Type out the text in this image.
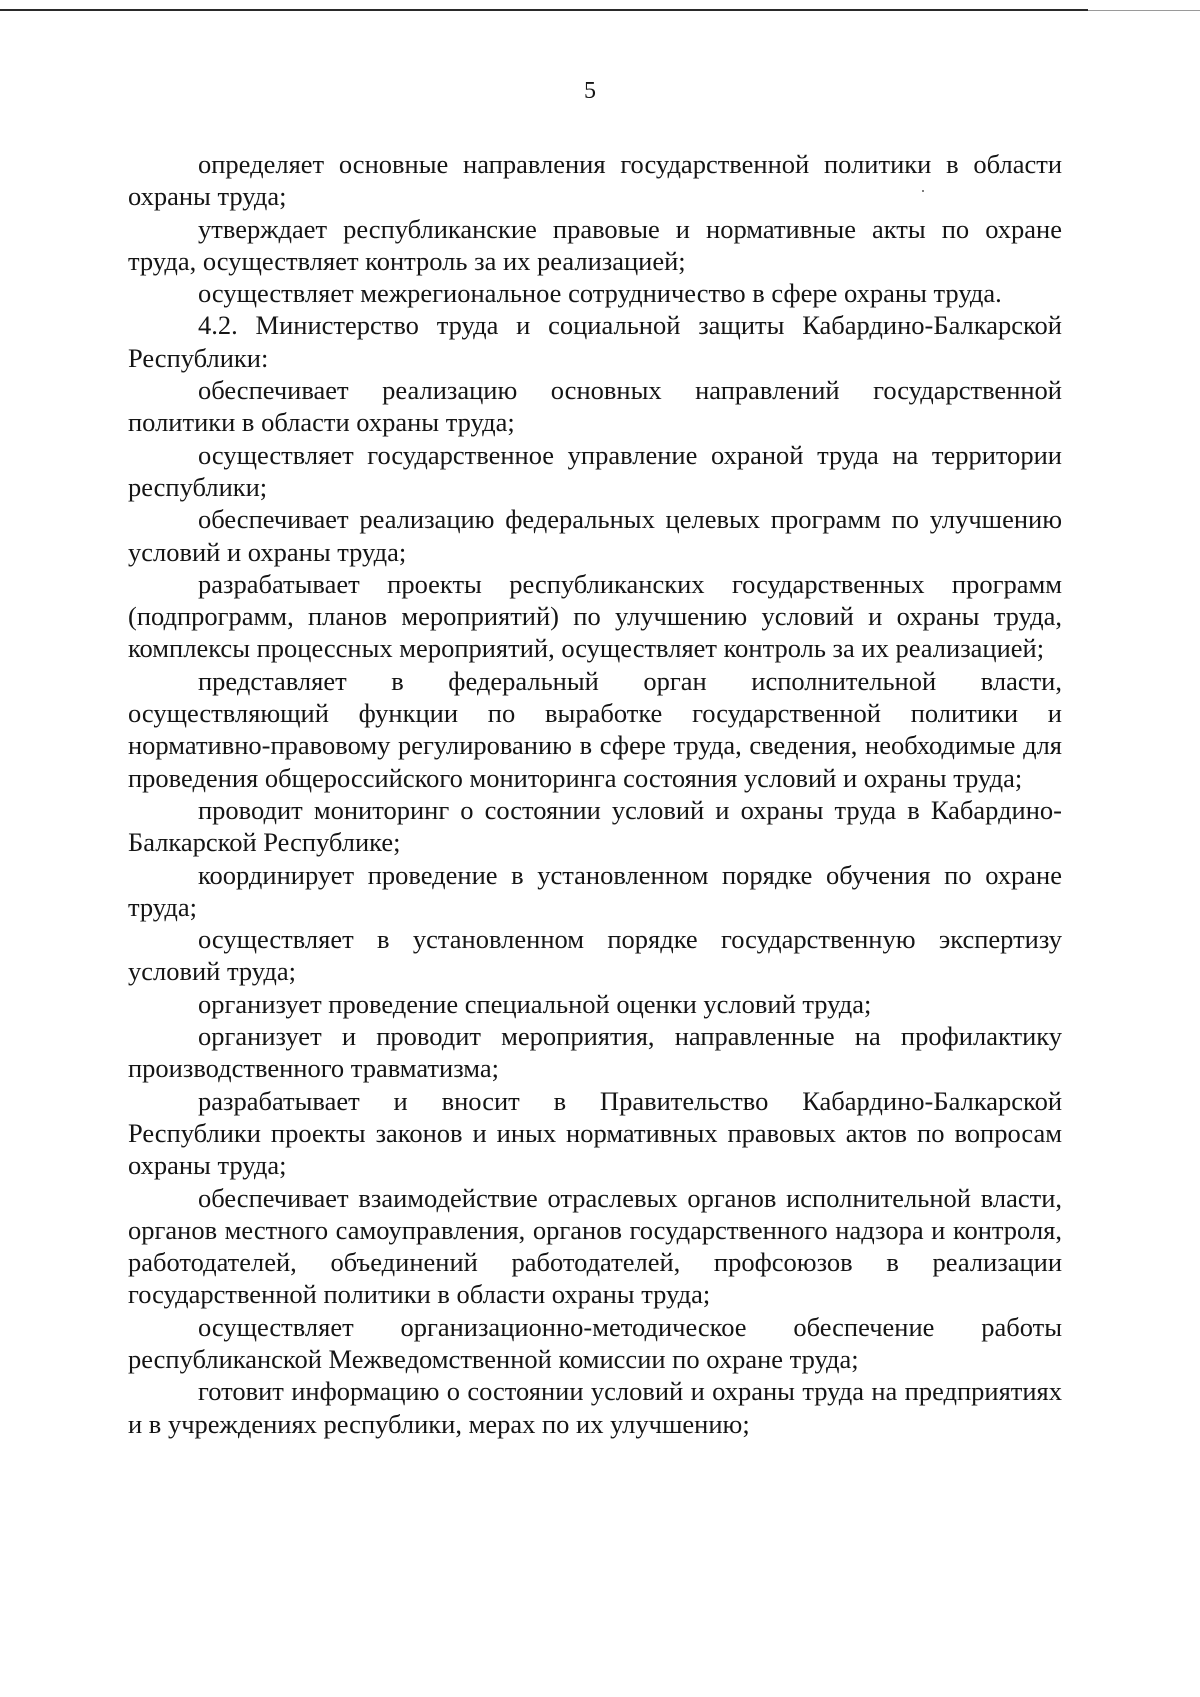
5

определяет основные направления государственной политики в области охраны труда;

утверждает республиканские правовые и нормативные акты по охране труда, осуществляет контроль за их реализацией;

осуществляет межрегиональное сотрудничество в сфере охраны труда.

4.2. Министерство труда и социальной защиты Кабардино-Балкарской Республики:

обеспечивает реализацию основных направлений государственной политики в области охраны труда;

осуществляет государственное управление охраной труда на территории республики;

обеспечивает реализацию федеральных целевых программ по улучшению условий и охраны труда;

разрабатывает проекты республиканских государственных программ (подпрограмм, планов мероприятий) по улучшению условий и охраны труда, комплексы процессных мероприятий, осуществляет контроль за их реализацией;

представляет в федеральный орган исполнительной власти, осуществляющий функции по выработке государственной политики и нормативно-правовому регулированию в сфере труда, сведения, необходимые для проведения общероссийского мониторинга состояния условий и охраны труда;

проводит мониторинг о состоянии условий и охраны труда в Кабардино-Балкарской Республике;

координирует проведение в установленном порядке обучения по охране труда;

осуществляет в установленном порядке государственную экспертизу условий труда;

организует проведение специальной оценки условий труда;

организует и проводит мероприятия, направленные на профилактику производственного травматизма;

разрабатывает и вносит в Правительство Кабардино-Балкарской Республики проекты законов и иных нормативных правовых актов по вопросам охраны труда;

обеспечивает взаимодействие отраслевых органов исполнительной власти, органов местного самоуправления, органов государственного надзора и контроля, работодателей, объединений работодателей, профсоюзов в реализации государственной политики в области охраны труда;

осуществляет организационно-методическое обеспечение работы республиканской Межведомственной комиссии по охране труда;

готовит информацию о состоянии условий и охраны труда на предприятиях и в учреждениях республики, мерах по их улучшению;
